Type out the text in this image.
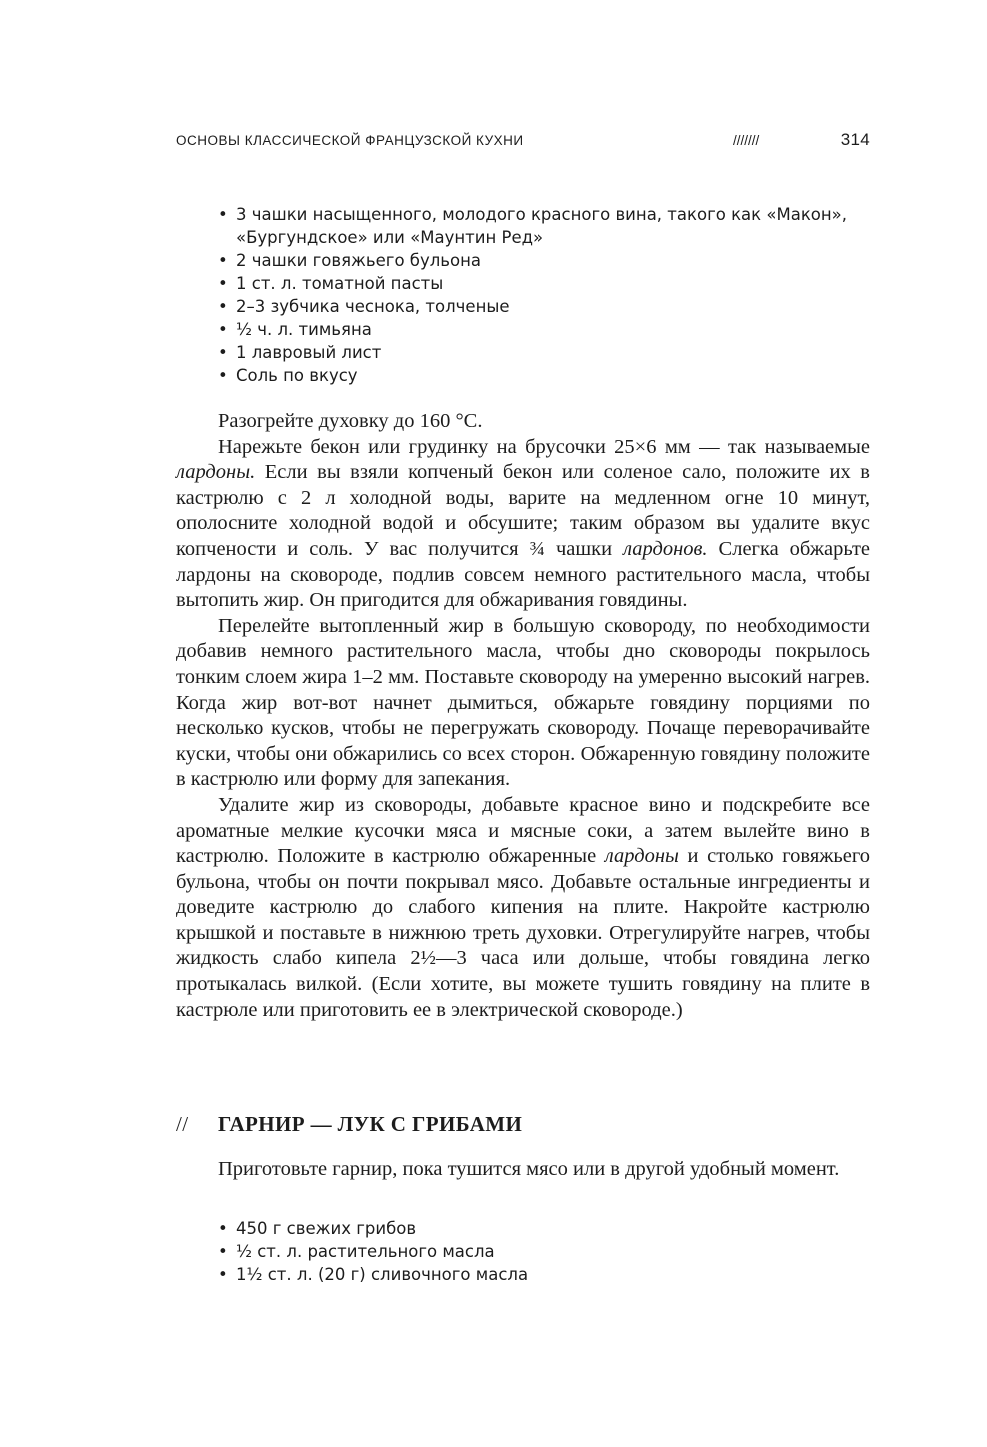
ОСНОВЫ КЛАССИЧЕСКОЙ ФРАНЦУЗСКОЙ КУХНИ	///////	314
• 3 чашки насыщенного, молодого красного вина, такого как «Макон», «Бургундское» или «Маунтин Ред»
• 2 чашки говяжьего бульона
• 1 ст. л. томатной пасты
• 2–3 зубчика чеснока, толченые
• ½ ч. л. тимьяна
• 1 лавровый лист
• Соль по вкусу

Разогрейте духовку до 160 °С.

Нарежьте бекон или грудинку на брусочки 25×6 мм — так называемые лардоны. Если вы взяли копченый бекон или соленое сало, положите их в кастрюлю с 2 л холодной воды, варите на медленном огне 10 минут, ополосните холодной водой и обсушите; таким образом вы удалите вкус копчености и соль. У вас получится ¾ чашки лардонов. Слегка обжарьте лардоны на сковороде, подлив совсем немного растительного масла, чтобы вытопить жир. Он пригодится для обжаривания говядины.

Перелейте вытопленный жир в большую сковороду, по необходимости добавив немного растительного масла, чтобы дно сковороды покрылось тонким слоем жира 1–2 мм. Поставьте сковороду на умеренно высокий нагрев. Когда жир вот-вот начнет дымиться, обжарьте говядину порциями по несколько кусков, чтобы не перегружать сковороду. Почаще переворачивайте куски, чтобы они обжарились со всех сторон. Обжаренную говядину положите в кастрюлю или форму для запекания.

Удалите жир из сковороды, добавьте красное вино и подскребите все ароматные мелкие кусочки мяса и мясные соки, а затем вылейте вино в кастрюлю. Положите в кастрюлю обжаренные лардоны и столько говяжьего бульона, чтобы он почти покрывал мясо. Добавьте остальные ингредиенты и доведите кастрюлю до слабого кипения на плите. Накройте кастрюлю крышкой и поставьте в нижнюю треть духовки. Отрегулируйте нагрев, чтобы жидкость слабо кипела 2½—3 часа или дольше, чтобы говядина легко протыкалась вилкой. (Если хотите, вы можете тушить говядину на плите в кастрюле или приготовить ее в электрической сковороде.)

// ГАРНИР — ЛУК С ГРИБАМИ

Приготовьте гарнир, пока тушится мясо или в другой удобный момент.

• 450 г свежих грибов
• ½ ст. л. растительного масла
• 1½ ст. л. (20 г) сливочного масла
